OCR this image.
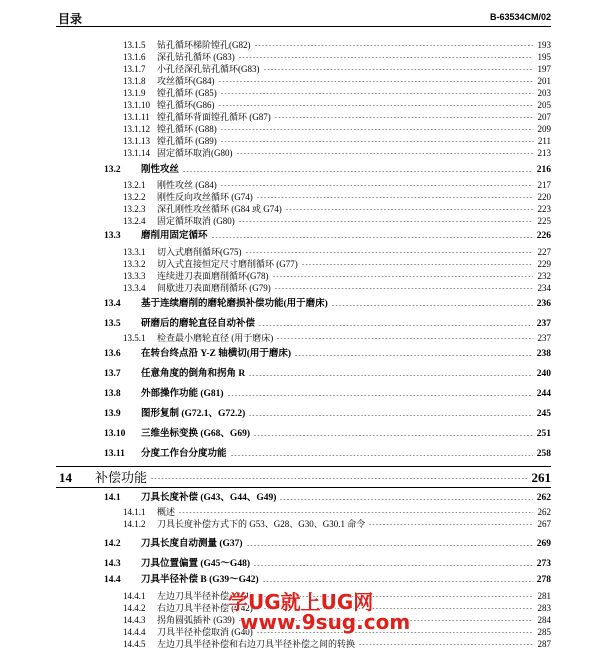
目录	B-63534CM/02
13.1.5 钻孔循环梯阶镗孔(G82) - - -	193
13.1.6 深孔钻孔循环 (G83) - - -	195
13.1.7 小孔径深孔钻孔循环(G83) - - -	197
13.1.8 攻丝循环(G84) - - -	201
13.1.9 镗孔循环 (G85) - - -	203
13.1.10 镗孔循环(G86) - - -	205
13.1.11 镗孔循环背面镗孔循环 (G87) - - -	207
13.1.12 镗孔循环 (G88) - - -	209
13.1.13 镗孔循环 (G89) - - -	211
13.1.14 固定循环取消(G80) - - -	213
13.2 刚性攻丝 - - -	216
13.2.1 刚性攻丝 (G84) - - -	217
13.2.2 刚性反向攻丝循环 (G74) - - -	220
13.2.3 深孔刚性攻丝循环 (G84 或 G74) - - -	223
13.2.4 固定循环取消 (G80) - - -	225
13.3 磨削用固定循环 - - -	226
13.3.1 切入式磨削循环(G75) - - -	227
13.3.2 切入式直接恒定尺寸磨削循环 (G77) - - -	229
13.3.3 连续进刀表面磨削循环(G78) - - -	232
13.3.4 间歇进刀表面磨削循环 (G79) - - -	234
13.4 基于连续磨削的磨轮磨损补偿功能(用于磨床) - - -	236
13.5 研磨后的磨轮直径自动补偿 - - -	237
13.5.1 检查最小磨轮直径 (用于磨床) - - -	237
13.6 在转台终点沿 Y-Z 轴横切(用于磨床) - - -	238
13.7 任意角度的倒角和拐角 R - - -	240
13.8 外部操作功能 (G81) - - -	244
13.9 图形复制 (G72.1、G72.2) - - -	245
13.10 三维坐标变换 (G68、G69) - - -	251
13.11 分度工作台分度功能 - - -	258
14 补偿功能 - - -	261
14.1 刀具长度补偿 (G43、G44、G49) - - -	262
14.1.1 概述 - - -	262
14.1.2 刀具长度补偿方式下的 G53、G28、G30、G30.1 命令 - - -	267
14.2 刀具长度自动测量 (G37) - - -	269
14.3 刀具位置偏置 (G45～G48) - - -	273
14.4 刀具半径补偿 B (G39～G42) - - -	278
14.4.1 左边刀具半径补偿 (G41) - - -	281
14.4.2 右边刀具半径补偿 (G42) - - -	283
14.4.3 拐角圆弧插补 (G39) - - -	284
14.4.4 刀具半径补偿取消 (G40) - - -	285
14.4.5 左边刀具半径补偿和右边刀具半径补偿之间的转换 - - -	287
学UG就上UG网
www.9sug.com
